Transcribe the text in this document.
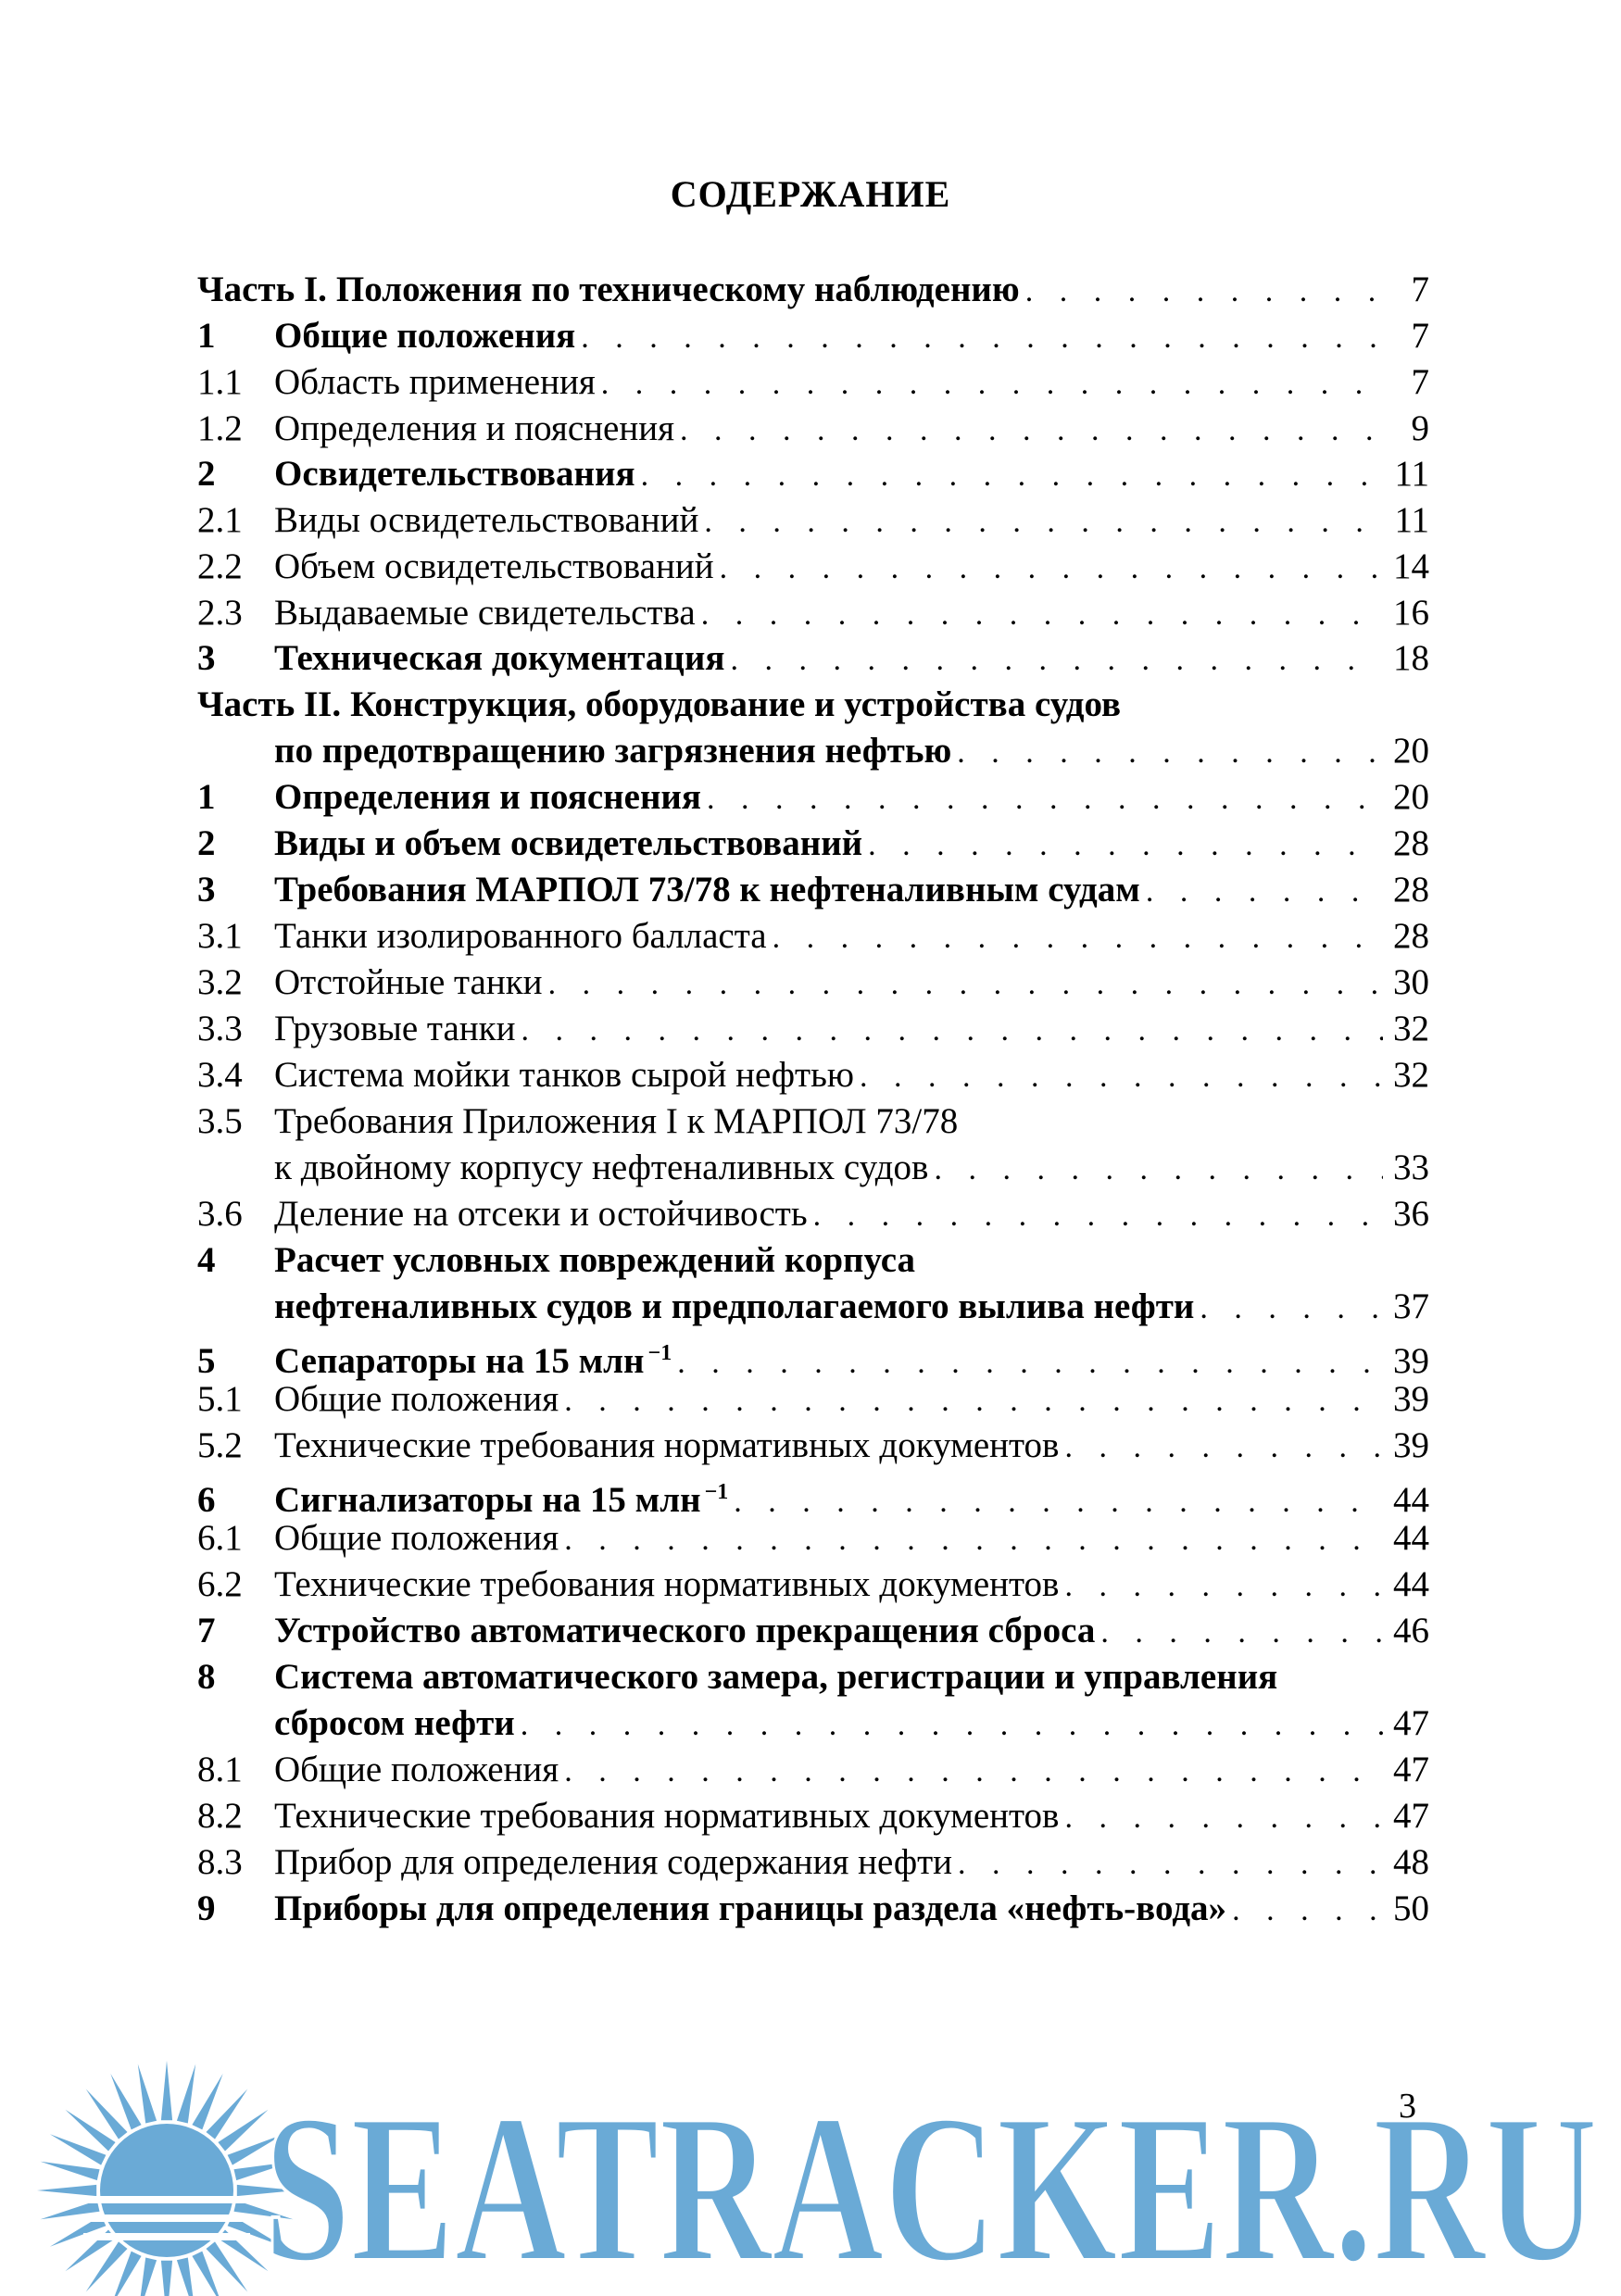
СОДЕРЖАНИЕ
Часть I. Положения по техническому наблюдению . . .	7
1	Общие положения . . .	7
1.1 Область применения . . .	7
1.2 Определения и пояснения . . .	9
2	Освидетельствования . . .	11
2.1 Виды освидетельствований . . .	11
2.2 Объем освидетельствований . . .	14
2.3 Выдаваемые свидетельства . . .	16
3	Техническая документация . . .	18
Часть II. Конструкция, оборудование и устройства судов
по предотвращению загрязнения нефтью . . .	20
1	Определения и пояснения . . .	20
2	Виды и объем освидетельствований . . .	28
3	Требования МАРПОЛ 73/78 к нефтеналивным судам . . .	28
3.1 Танки изолированного балласта . . .	28
3.2 Отстойные танки . . .	30
3.3 Грузовые танки . . .	32
3.4 Система мойки танков сырой нефтью . . .	32
3.5 Требования Приложения I к МАРПОЛ 73/78
к двойному корпусу нефтеналивных судов . . .	33
3.6 Деление на отсеки и остойчивость . . .	36
4	Расчет условных повреждений корпуса
нефтеналивных судов и предполагаемого вылива нефти . . .	37
5	Сепараторы на 15 млн $^{-1}$ . . .	39
5.1 Общие положения . . .	39
5.2 Технические требования нормативных документов . . .	39
6	Сигнализаторы на 15 млн $^{-1}$ . . .	44
6.1 Общие положения . . .	44
6.2 Технические требования нормативных документов . . .	44
7	Устройство автоматического прекращения сброса . . .	46
8	Система автоматического замера, регистрации и управления
сбросом нефти . . .	47
8.1 Общие положения . . .	47
8.2 Технические требования нормативных документов . . .	47
8.3 Прибор для определения содержания нефти . . .	48
9	Приборы для определения границы раздела «нефть-вода» . . .	50
3
SEATRACKER.RU
